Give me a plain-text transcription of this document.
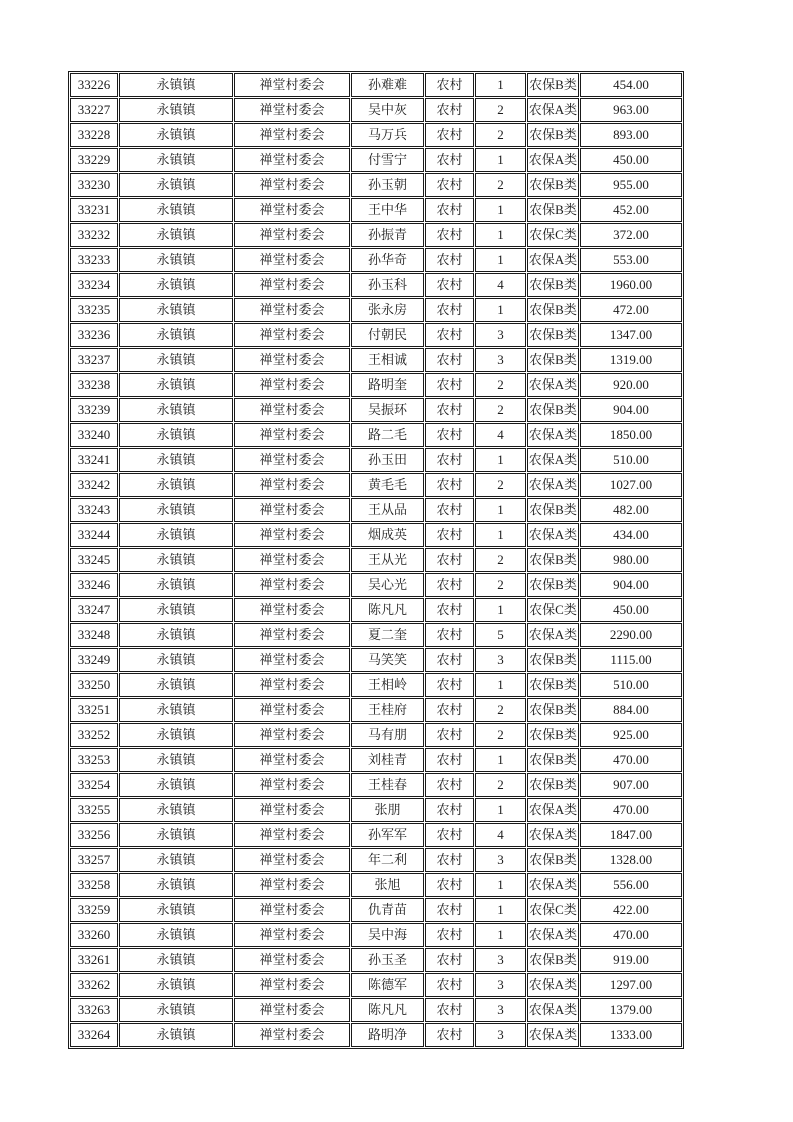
33226	永镇镇	禅堂村委会	孙难难	农村	1	农保B类	454.00
33227	永镇镇	禅堂村委会	吴中灰	农村	2	农保A类	963.00
33228	永镇镇	禅堂村委会	马万兵	农村	2	农保B类	893.00
33229	永镇镇	禅堂村委会	付雪宁	农村	1	农保A类	450.00
33230	永镇镇	禅堂村委会	孙玉朝	农村	2	农保B类	955.00
33231	永镇镇	禅堂村委会	王中华	农村	1	农保B类	452.00
33232	永镇镇	禅堂村委会	孙振青	农村	1	农保C类	372.00
33233	永镇镇	禅堂村委会	孙华奇	农村	1	农保A类	553.00
33234	永镇镇	禅堂村委会	孙玉科	农村	4	农保B类	1960.00
33235	永镇镇	禅堂村委会	张永房	农村	1	农保B类	472.00
33236	永镇镇	禅堂村委会	付朝民	农村	3	农保B类	1347.00
33237	永镇镇	禅堂村委会	王相诚	农村	3	农保B类	1319.00
33238	永镇镇	禅堂村委会	路明奎	农村	2	农保A类	920.00
33239	永镇镇	禅堂村委会	吴振环	农村	2	农保B类	904.00
33240	永镇镇	禅堂村委会	路二毛	农村	4	农保A类	1850.00
33241	永镇镇	禅堂村委会	孙玉田	农村	1	农保A类	510.00
33242	永镇镇	禅堂村委会	黄毛毛	农村	2	农保A类	1027.00
33243	永镇镇	禅堂村委会	王从品	农村	1	农保B类	482.00
33244	永镇镇	禅堂村委会	烟成英	农村	1	农保A类	434.00
33245	永镇镇	禅堂村委会	王从光	农村	2	农保B类	980.00
33246	永镇镇	禅堂村委会	吴心光	农村	2	农保B类	904.00
33247	永镇镇	禅堂村委会	陈凡凡	农村	1	农保C类	450.00
33248	永镇镇	禅堂村委会	夏二奎	农村	5	农保A类	2290.00
33249	永镇镇	禅堂村委会	马笑笑	农村	3	农保B类	1115.00
33250	永镇镇	禅堂村委会	王相岭	农村	1	农保B类	510.00
33251	永镇镇	禅堂村委会	王桂府	农村	2	农保B类	884.00
33252	永镇镇	禅堂村委会	马有朋	农村	2	农保B类	925.00
33253	永镇镇	禅堂村委会	刘桂青	农村	1	农保B类	470.00
33254	永镇镇	禅堂村委会	王桂春	农村	2	农保B类	907.00
33255	永镇镇	禅堂村委会	张朋	农村	1	农保A类	470.00
33256	永镇镇	禅堂村委会	孙军军	农村	4	农保A类	1847.00
33257	永镇镇	禅堂村委会	年二利	农村	3	农保B类	1328.00
33258	永镇镇	禅堂村委会	张旭	农村	1	农保A类	556.00
33259	永镇镇	禅堂村委会	仇青苗	农村	1	农保C类	422.00
33260	永镇镇	禅堂村委会	吴中海	农村	1	农保A类	470.00
33261	永镇镇	禅堂村委会	孙玉圣	农村	3	农保B类	919.00
33262	永镇镇	禅堂村委会	陈德军	农村	3	农保A类	1297.00
33263	永镇镇	禅堂村委会	陈凡凡	农村	3	农保A类	1379.00
33264	永镇镇	禅堂村委会	路明净	农村	3	农保A类	1333.00
